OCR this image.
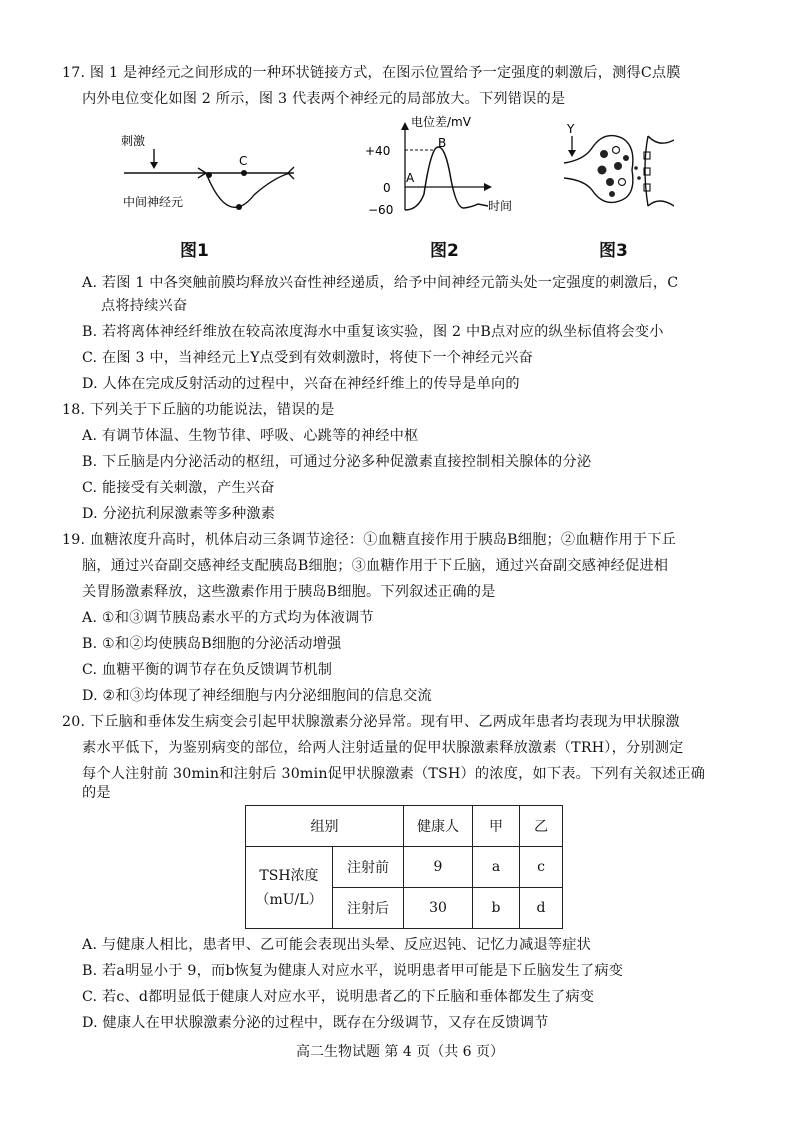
17. 图 1 是神经元之间形成的一种环状链接方式，在图示位置给予一定强度的刺激后，测得C点膜
内外电位变化如图 2 所示，图 3 代表两个神经元的局部放大。下列错误的是
刺激
C
中间神经元
图1
电位差/mV
+40
0
−60
A
B
时间
图2
Y
图3
A. 若图 1 中各突触前膜均释放兴奋性神经递质，给予中间神经元箭头处一定强度的刺激后，C
点将持续兴奋
B. 若将离体神经纤维放在较高浓度海水中重复该实验，图 2 中B点对应的纵坐标值将会变小
C. 在图 3 中，当神经元上Y点受到有效刺激时，将使下一个神经元兴奋
D. 人体在完成反射活动的过程中，兴奋在神经纤维上的传导是单向的
18. 下列关于下丘脑的功能说法，错误的是
A. 有调节体温、生物节律、呼吸、心跳等的神经中枢
B. 下丘脑是内分泌活动的枢纽，可通过分泌多种促激素直接控制相关腺体的分泌
C. 能接受有关刺激，产生兴奋
D. 分泌抗利尿激素等多种激素
19. 血糖浓度升高时，机体启动三条调节途径：①血糖直接作用于胰岛B细胞；②血糖作用于下丘
脑，通过兴奋副交感神经支配胰岛B细胞；③血糖作用于下丘脑，通过兴奋副交感神经促进相
关胃肠激素释放，这些激素作用于胰岛B细胞。下列叙述正确的是
A. ①和③调节胰岛素水平的方式均为体液调节
B. ①和②均使胰岛B细胞的分泌活动增强
C. 血糖平衡的调节存在负反馈调节机制
D. ②和③均体现了神经细胞与内分泌细胞间的信息交流
20. 下丘脑和垂体发生病变会引起甲状腺激素分泌异常。现有甲、乙两成年患者均表现为甲状腺激
素水平低下，为鉴别病变的部位，给两人注射适量的促甲状腺激素释放激素（TRH），分别测定
每个人注射前 30min和注射后 30min促甲状腺激素（TSH）的浓度，如下表。下列有关叙述正确
的是
组别		健康人	甲	乙

TSH浓度
（mU/L）	注射前	9	a	c
	注射后	30	b	d
A. 与健康人相比，患者甲、乙可能会表现出头晕、反应迟钝、记忆力减退等症状
B. 若a明显小于 9，而b恢复为健康人对应水平，说明患者甲可能是下丘脑发生了病变
C. 若c、d都明显低于健康人对应水平，说明患者乙的下丘脑和垂体都发生了病变
D. 健康人在甲状腺激素分泌的过程中，既存在分级调节，又存在反馈调节
高二生物试题 第 4 页（共 6 页）
